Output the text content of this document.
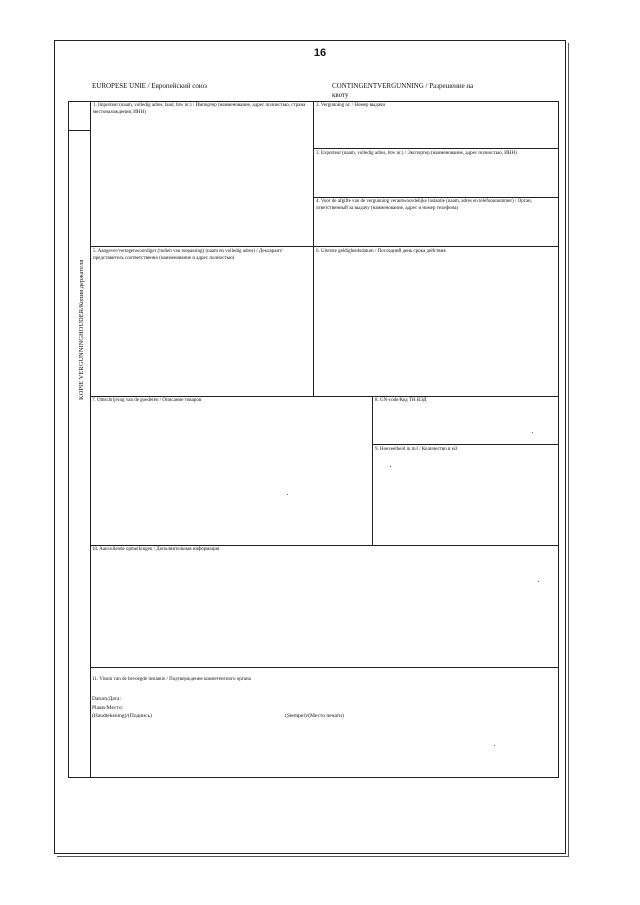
16
EUROPESE UNIE / Европейский союз	CONTINGENTVERGUNNING / Разрешение на квоту
KOPIE VERGUNNINGHOUDER/Копия держателя
1. Importeur (naam, volledig adres, land, btw nr.) / Импортер (наименование, адрес полностью, страна местонахождения, ИНН)
2. Vergunning nr. / Номер выдачи
3. Exporteur (naam, volledig adres, btw nr.) / Экспортер (наименование, адрес полностью, ИНН)
4. Voor de afgifte van de vergunning verantwoordelijke instantie (naam, adres en telefoonnummer) / Орган, ответственный за выдачу (наименование, адрес и номер телефона)
5. Aangever/vertegenwoordiger (indien van toepassing) (naam en volledig adres) / Декларант/представитель соответственно (наименование и адрес полностью)
6. Uiterste geldigheidsdatum / Последний день срока действия
7. Omschrijving van de goederen / Описание товаров	8. GN-code/Код ТН ВЭД
9. Hoeveelheid in m3 / Количество в м3
10. Aanvullende opmerkingen / Дополнительная информация
11. Visum van de bevoegde instantie / Подтверждение компетентного органа
Datum/Дата:
Plaats/Место:
(Handtekening)/(Подпись)	(Stempel)/(Место печати)
